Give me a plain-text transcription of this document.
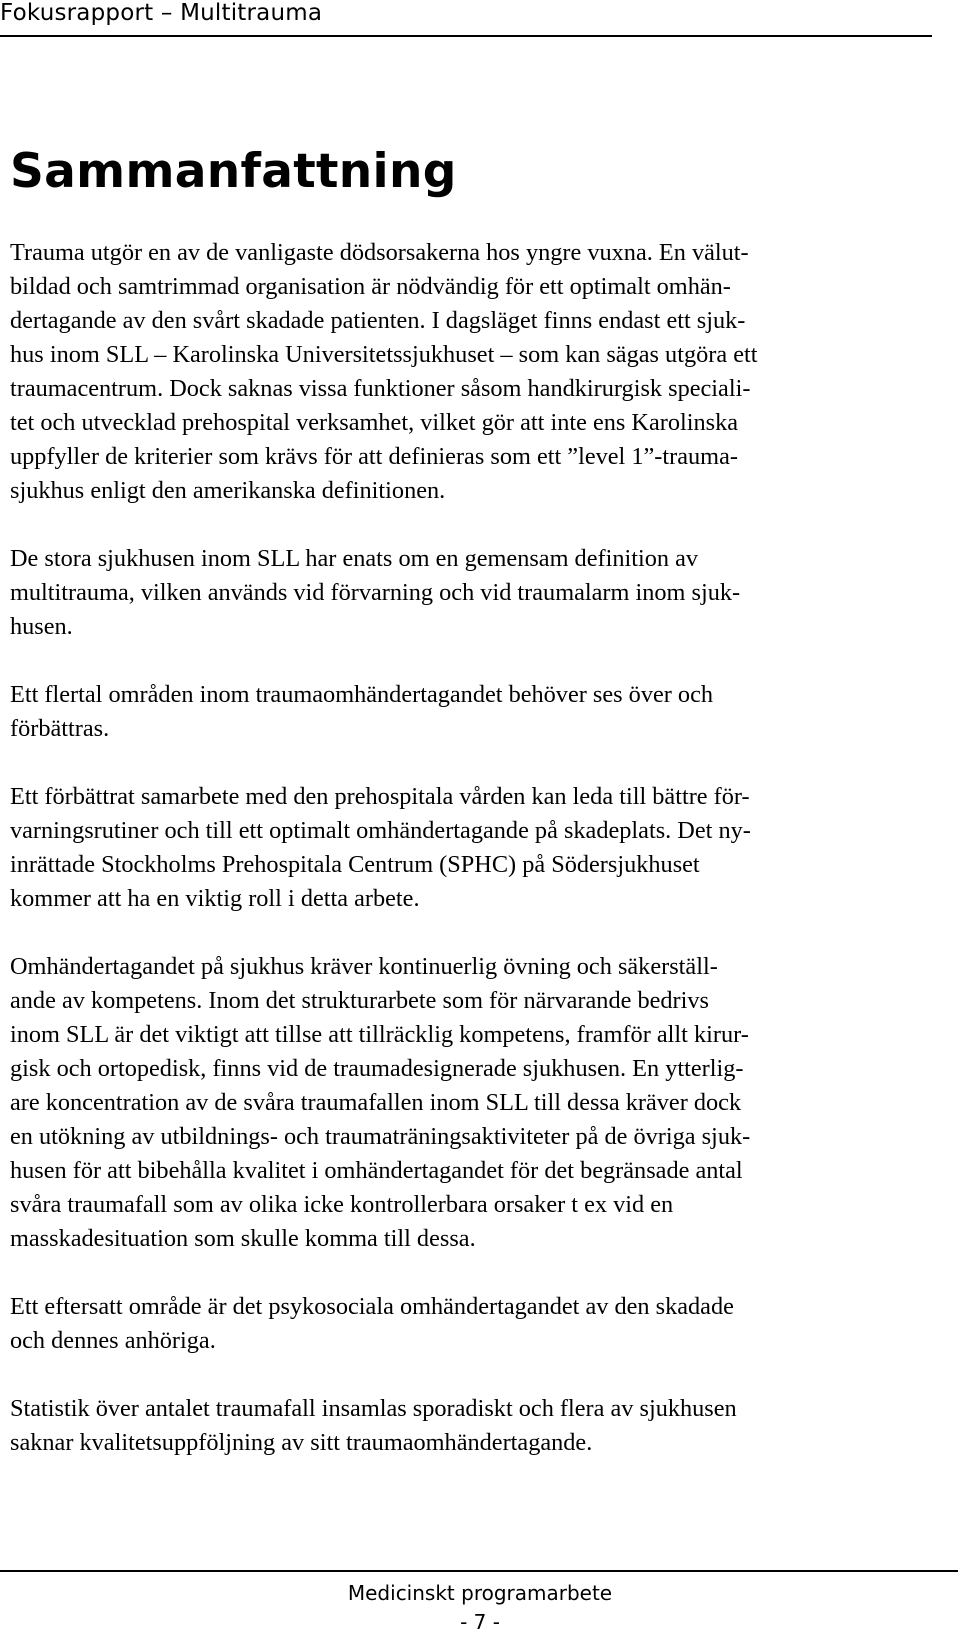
Fokusrapport – Multitrauma
Sammanfattning

Trauma utgör en av de vanligaste dödsorsakerna hos yngre vuxna. En välut-
bildad och samtrimmad organisation är nödvändig för ett optimalt omhän-
dertagande av den svårt skadade patienten. I dagsläget finns endast ett sjuk-
hus inom SLL – Karolinska Universitetssjukhuset – som kan sägas utgöra ett
traumacentrum. Dock saknas vissa funktioner såsom handkirurgisk speciali-
tet och utvecklad prehospital verksamhet, vilket gör att inte ens Karolinska
uppfyller de kriterier som krävs för att definieras som ett ”level 1”-trauma-
sjukhus enligt den amerikanska definitionen.

De stora sjukhusen inom SLL har enats om en gemensam definition av
multitrauma, vilken används vid förvarning och vid traumalarm inom sjuk-
husen.

Ett flertal områden inom traumaomhändertagandet behöver ses över och
förbättras.

Ett förbättrat samarbete med den prehospitala vården kan leda till bättre för-
varningsrutiner och till ett optimalt omhändertagande på skadeplats. Det ny-
inrättade Stockholms Prehospitala Centrum (SPHC) på Södersjukhuset
kommer att ha en viktig roll i detta arbete.

Omhändertagandet på sjukhus kräver kontinuerlig övning och säkerställ-
ande av kompetens. Inom det strukturarbete som för närvarande bedrivs
inom SLL är det viktigt att tillse att tillräcklig kompetens, framför allt kirur-
gisk och ortopedisk, finns vid de traumadesignerade sjukhusen. En ytterlig-
are koncentration av de svåra traumafallen inom SLL till dessa kräver dock
en utökning av utbildnings- och traumaträningsaktiviteter på de övriga sjuk-
husen för att bibehålla kvalitet i omhändertagandet för det begränsade antal
svåra traumafall som av olika icke kontrollerbara orsaker t ex vid en
masskadesituation som skulle komma till dessa.

Ett eftersatt område är det psykosociala omhändertagandet av den skadade
och dennes anhöriga.

Statistik över antalet traumafall insamlas sporadiskt och flera av sjukhusen
saknar kvalitetsuppföljning av sitt traumaomhändertagande.

Medicinskt programarbete
- 7 -
